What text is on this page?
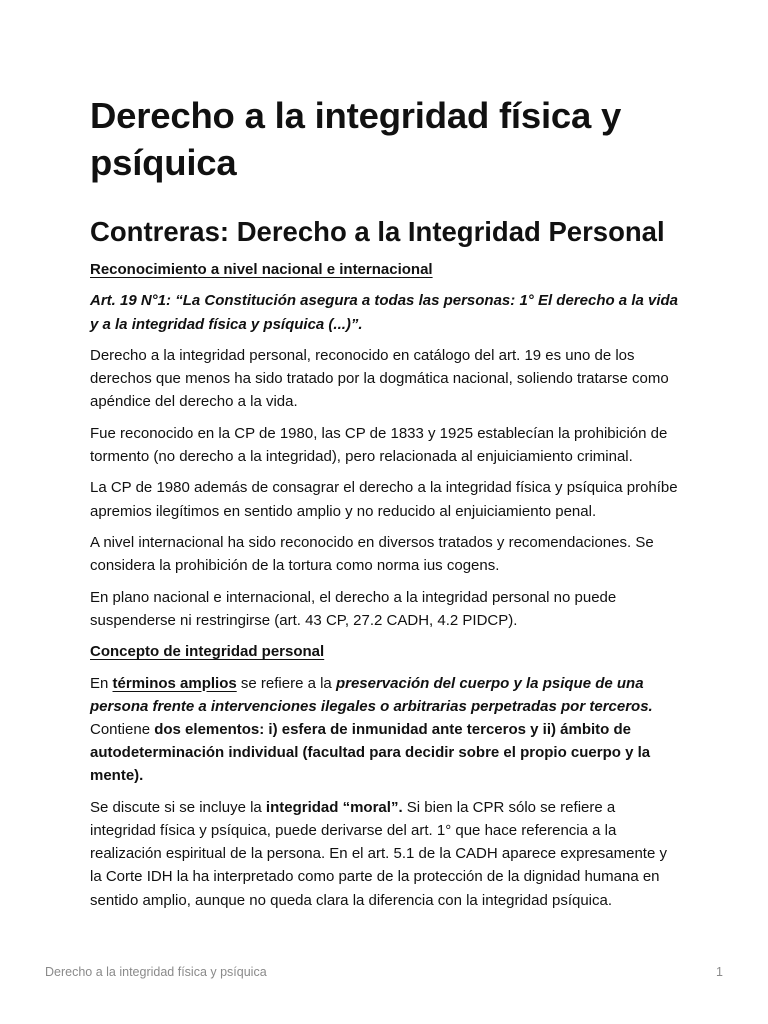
Derecho a la integridad física y psíquica
Contreras: Derecho a la Integridad Personal

Reconocimiento a nivel nacional e internacional

Art. 19 N°1: “La Constitución asegura a todas las personas: 1° El derecho a la vida y a la integridad física y psíquica (...)”.

Derecho a la integridad personal, reconocido en catálogo del art. 19 es uno de los derechos que menos ha sido tratado por la dogmática nacional, soliendo tratarse como apéndice del derecho a la vida.

Fue reconocido en la CP de 1980, las CP de 1833 y 1925 establecían la prohibición de tormento (no derecho a la integridad), pero relacionada al enjuiciamiento criminal.

La CP de 1980 además de consagrar el derecho a la integridad física y psíquica prohíbe apremios ilegítimos en sentido amplio y no reducido al enjuiciamiento penal.

A nivel internacional ha sido reconocido en diversos tratados y recomendaciones. Se considera la prohibición de la tortura como norma ius cogens.

En plano nacional e internacional, el derecho a la integridad personal no puede suspenderse ni restringirse (art. 43 CP, 27.2 CADH, 4.2 PIDCP).

Concepto de integridad personal

En términos amplios se refiere a la preservación del cuerpo y la psique de una persona frente a intervenciones ilegales o arbitrarias perpetradas por terceros. Contiene dos elementos: i) esfera de inmunidad ante terceros y ii) ámbito de autodeterminación individual (facultad para decidir sobre el propio cuerpo y la mente).

Se discute si se incluye la integridad “moral”. Si bien la CPR sólo se refiere a integridad física y psíquica, puede derivarse del art. 1° que hace referencia a la realización espiritual de la persona. En el art. 5.1 de la CADH aparece expresamente y la Corte IDH la ha interpretado como parte de la protección de la dignidad humana en sentido amplio, aunque no queda clara la diferencia con la integridad psíquica.

Derecho a la integridad física y psíquica	1
